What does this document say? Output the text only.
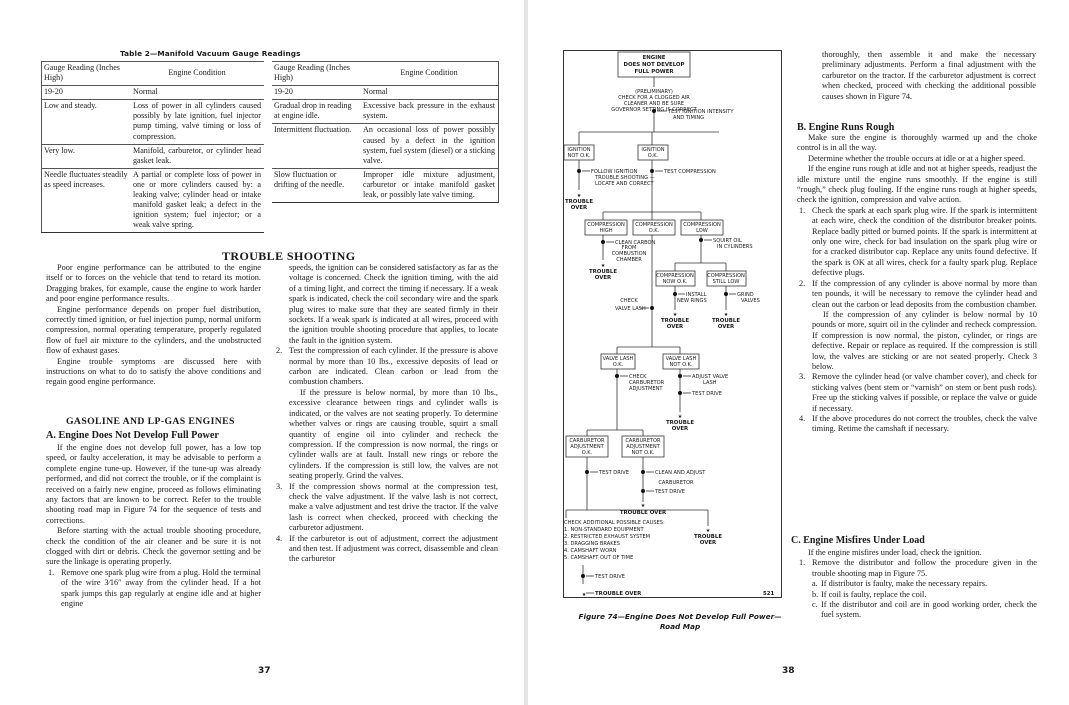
Table 2—Manifold Vacuum Gauge Readings
Gauge Reading (Inches High)	Engine Condition
19-20	Normal
Low and steady.	Loss of power in all cylinders caused possibly by late ignition, fuel injector pump timing, valve timing or loss of compression.
Very low.	Manifold, carburetor, or cylinder head gasket leak.
Needle fluctuates steadily as speed increases.	A partial or complete loss of power in one or more cylinders caused by: a leaking valve; cylinder head or intake manifold gasket leak; a defect in the ignition system; fuel injector; or a weak valve spring.
Gauge Reading (Inches High)	Engine Condition
19-20	Normal
Gradual drop in reading at engine idle.	Excessive back pressure in the exhaust system.
Intermittent fluctuation.	An occasional loss of power possibly caused by a defect in the ignition system, fuel system (diesel) or a sticking valve.
Slow fluctuation or drifting of the needle.	Improper idle mixture adjustment, carburetor or intake manifold gasket leak, or possibly late valve timing.
TROUBLE SHOOTING

Poor engine performance can be attributed to the engine itself or to forces on the vehicle that tend to retard its motion. Dragging brakes, for example, cause the engine to work harder and poor engine performance results.

Engine performance depends on proper fuel distribution, correctly timed ignition, or fuel injection pump, normal uniform compression, normal operating temperature, properly regulated flow of fuel air mixture to the cylinders, and the unobstructed flow of exhaust gases.

Engine trouble symptoms are discussed here with instructions on what to do to satisfy the above conditions and regain good engine performance.

GASOLINE AND LP-GAS ENGINES
A. Engine Does Not Develop Full Power

If the engine does not develop full power, has a low top speed, or faulty acceleration, it may be advisable to perform a complete engine tune-up. However, if the tune-up was already performed, and did not correct the trouble, or if the complaint is received on a fairly new engine, proceed as follows eliminating any factors that are known to be correct. Refer to the trouble shooting road map in Figure 74 for the sequence of tests and corrections.

Before starting with the actual trouble shooting procedure, check the condition of the air cleaner and be sure it is not clogged with dirt or debris. Check the governor setting and be sure the linkage is operating properly.

1. Remove one spark plug wire from a plug. Hold the terminal of the wire 3⁄16″ away from the cylinder head. If a hot spark jumps this gap regularly at engine idle and at higher engine

speeds, the ignition can be considered satisfactory as far as the voltage is concerned. Check the ignition timing, with the aid of a timing light, and correct the timing if necessary. If a weak spark is indicated, check the coil secondary wire and the spark plug wires to make sure that they are seated firmly in their sockets. If a weak spark is indicated at all wires, proceed with the ignition trouble shooting procedure that applies, to locate the fault in the ignition system.

2. Test the compression of each cylinder. If the pressure is above normal by more than 10 lbs., excessive deposits of lead or carbon are indicated. Clean carbon or lead from the combustion chambers.

If the pressure is below normal, by more than 10 lbs., excessive clearance between rings and cylinder walls is indicated, or the valves are not seating properly. To determine whether valves or rings are causing trouble, squirt a small quantity of engine oil into cylinder and recheck the compression. If the compression is now normal, the rings or cylinder walls are at fault. Install new rings or rebore the cylinders. If the compression is still low, the valves are not seating properly. Grind the valves.

3. If the compression shows normal at the compression test, check the valve adjustment. If the valve lash is not correct, make a valve adjustment and test drive the tractor. If the valve lash is correct when checked, proceed with checking the carburetor adjustment.

4. If the carburetor is out of adjustment, correct the adjustment and then test. If adjustment was correct, disassemble and clean the carburetor

37
★
★
★	★
★
★
★
★
ENGINE
DOES NOT DEVELOP
FULL POWER
(PRELIMINARY)
CHECK FOR A CLOGGED AIR
CLEANER AND BE SURE
GOVERNOR SETTING IS CORRECT
IGNITION
NOT O.K.
IGNITION
O.K.
TROUBLE
OVER
COMPRESSION
HIGH
COMPRESSION
O.K.
COMPRESSION
LOW
FROM
COMBUSTION
CHAMBER
TROUBLE
OVER	COMPRESSION
NOW O.K.
COMPRESSION
STILL LOW
TROUBLE
OVER
TROUBLE
OVER
CHECK
VALVE LASH
O.K.
VALVE LASH
NOT O.K.
TROUBLE
OVER
CARBURETOR
ADJUSTMENT
O.K.
CARBURETOR
ADJUSTMENT
NOT O.K.
CARBURETOR
TROUBLE OVER
TROUBLE
OVER
TEST IGNITION INTENSITY
AND TIMING
FOLLOW IGNITION
TROUBLE SHOOTING —
LOCATE AND CORRECT
TEST COMPRESSION
CLEAN CARBON	SQUIRT OIL
IN CYLINDERS
INSTALL
NEW RINGS
GRIND
VALVES
VALVE LASH
CHECK
CARBURETOR
ADJUSTMENT
ADJUST VALVE
LASH
TEST DRIVE
TEST DRIVE	CLEAN AND ADJUST
TEST DRIVE
CHECK ADDITIONAL POSSIBLE CAUSES:
1. NON-STANDARD EQUIPMENT
2. RESTRICTED EXHAUST SYSTEM
3. DRAGGING BRAKES
4. CAMSHAFT WORN
5. CAMSHAFT OUT OF TIME
TEST DRIVE
TROUBLE OVER	521
Figure 74—Engine Does Not Develop Full Power—Road Map

thoroughly, then assemble it and make the necessary preliminary adjustments. Perform a final adjustment with the carburetor on the tractor. If the carburetor adjustment is correct when checked, proceed with checking the additional possible causes shown in Figure 74.

B. Engine Runs Rough

Make sure the engine is thoroughly warmed up and the choke control is in all the way.

Determine whether the trouble occurs at idle or at a higher speed.

If the engine runs rough at idle and not at higher speeds, readjust the idle mixture until the engine runs smoothly. If the engine is still “rough,” check plug fouling. If the engine runs rough at higher speeds, check the ignition, compression and valve action.

1. Check the spark at each spark plug wire. If the spark is intermittent at each wire, check the condition of the distributor breaker points. Replace badly pitted or burned points. If the spark is intermittent at only one wire, check for bad insulation on the spark plug wire or for a cracked distributor cap. Replace any units found defective. If the spark is OK at all wires, check for a faulty spark plug. Replace defective plugs.

2. If the compression of any cylinder is above normal by more than ten pounds, it will be necessary to remove the cylinder head and clean out the carbon or lead deposits from the combustion chamber.

If the compression of any cylinder is below normal by 10 pounds or more, squirt oil in the cylinder and recheck compression. If compression is now normal, the piston, cylinder, or rings are defective. Repair or replace as required. If the compression is still low, the valves are sticking or are not seated properly. Check 3 below.

3. Remove the cylinder head (or valve chamber cover), and check for sticking valves (bent stem or “varnish” on stem or bent push rods). Free up the sticking valves if possible, or replace the valve or guide if necessary.

4. If the above procedures do not correct the troubles, check the valve timing. Retime the camshaft if necessary.

C. Engine Misfires Under Load

If the engine misfires under load, check the ignition.

1. Remove the distributor and follow the procedure given in the trouble shooting map in Figure 75.

a. If distributor is faulty, make the necessary repairs.

b. If coil is faulty, replace the coil.

c. If the distributor and coil are in good working order, check the fuel system.

38
